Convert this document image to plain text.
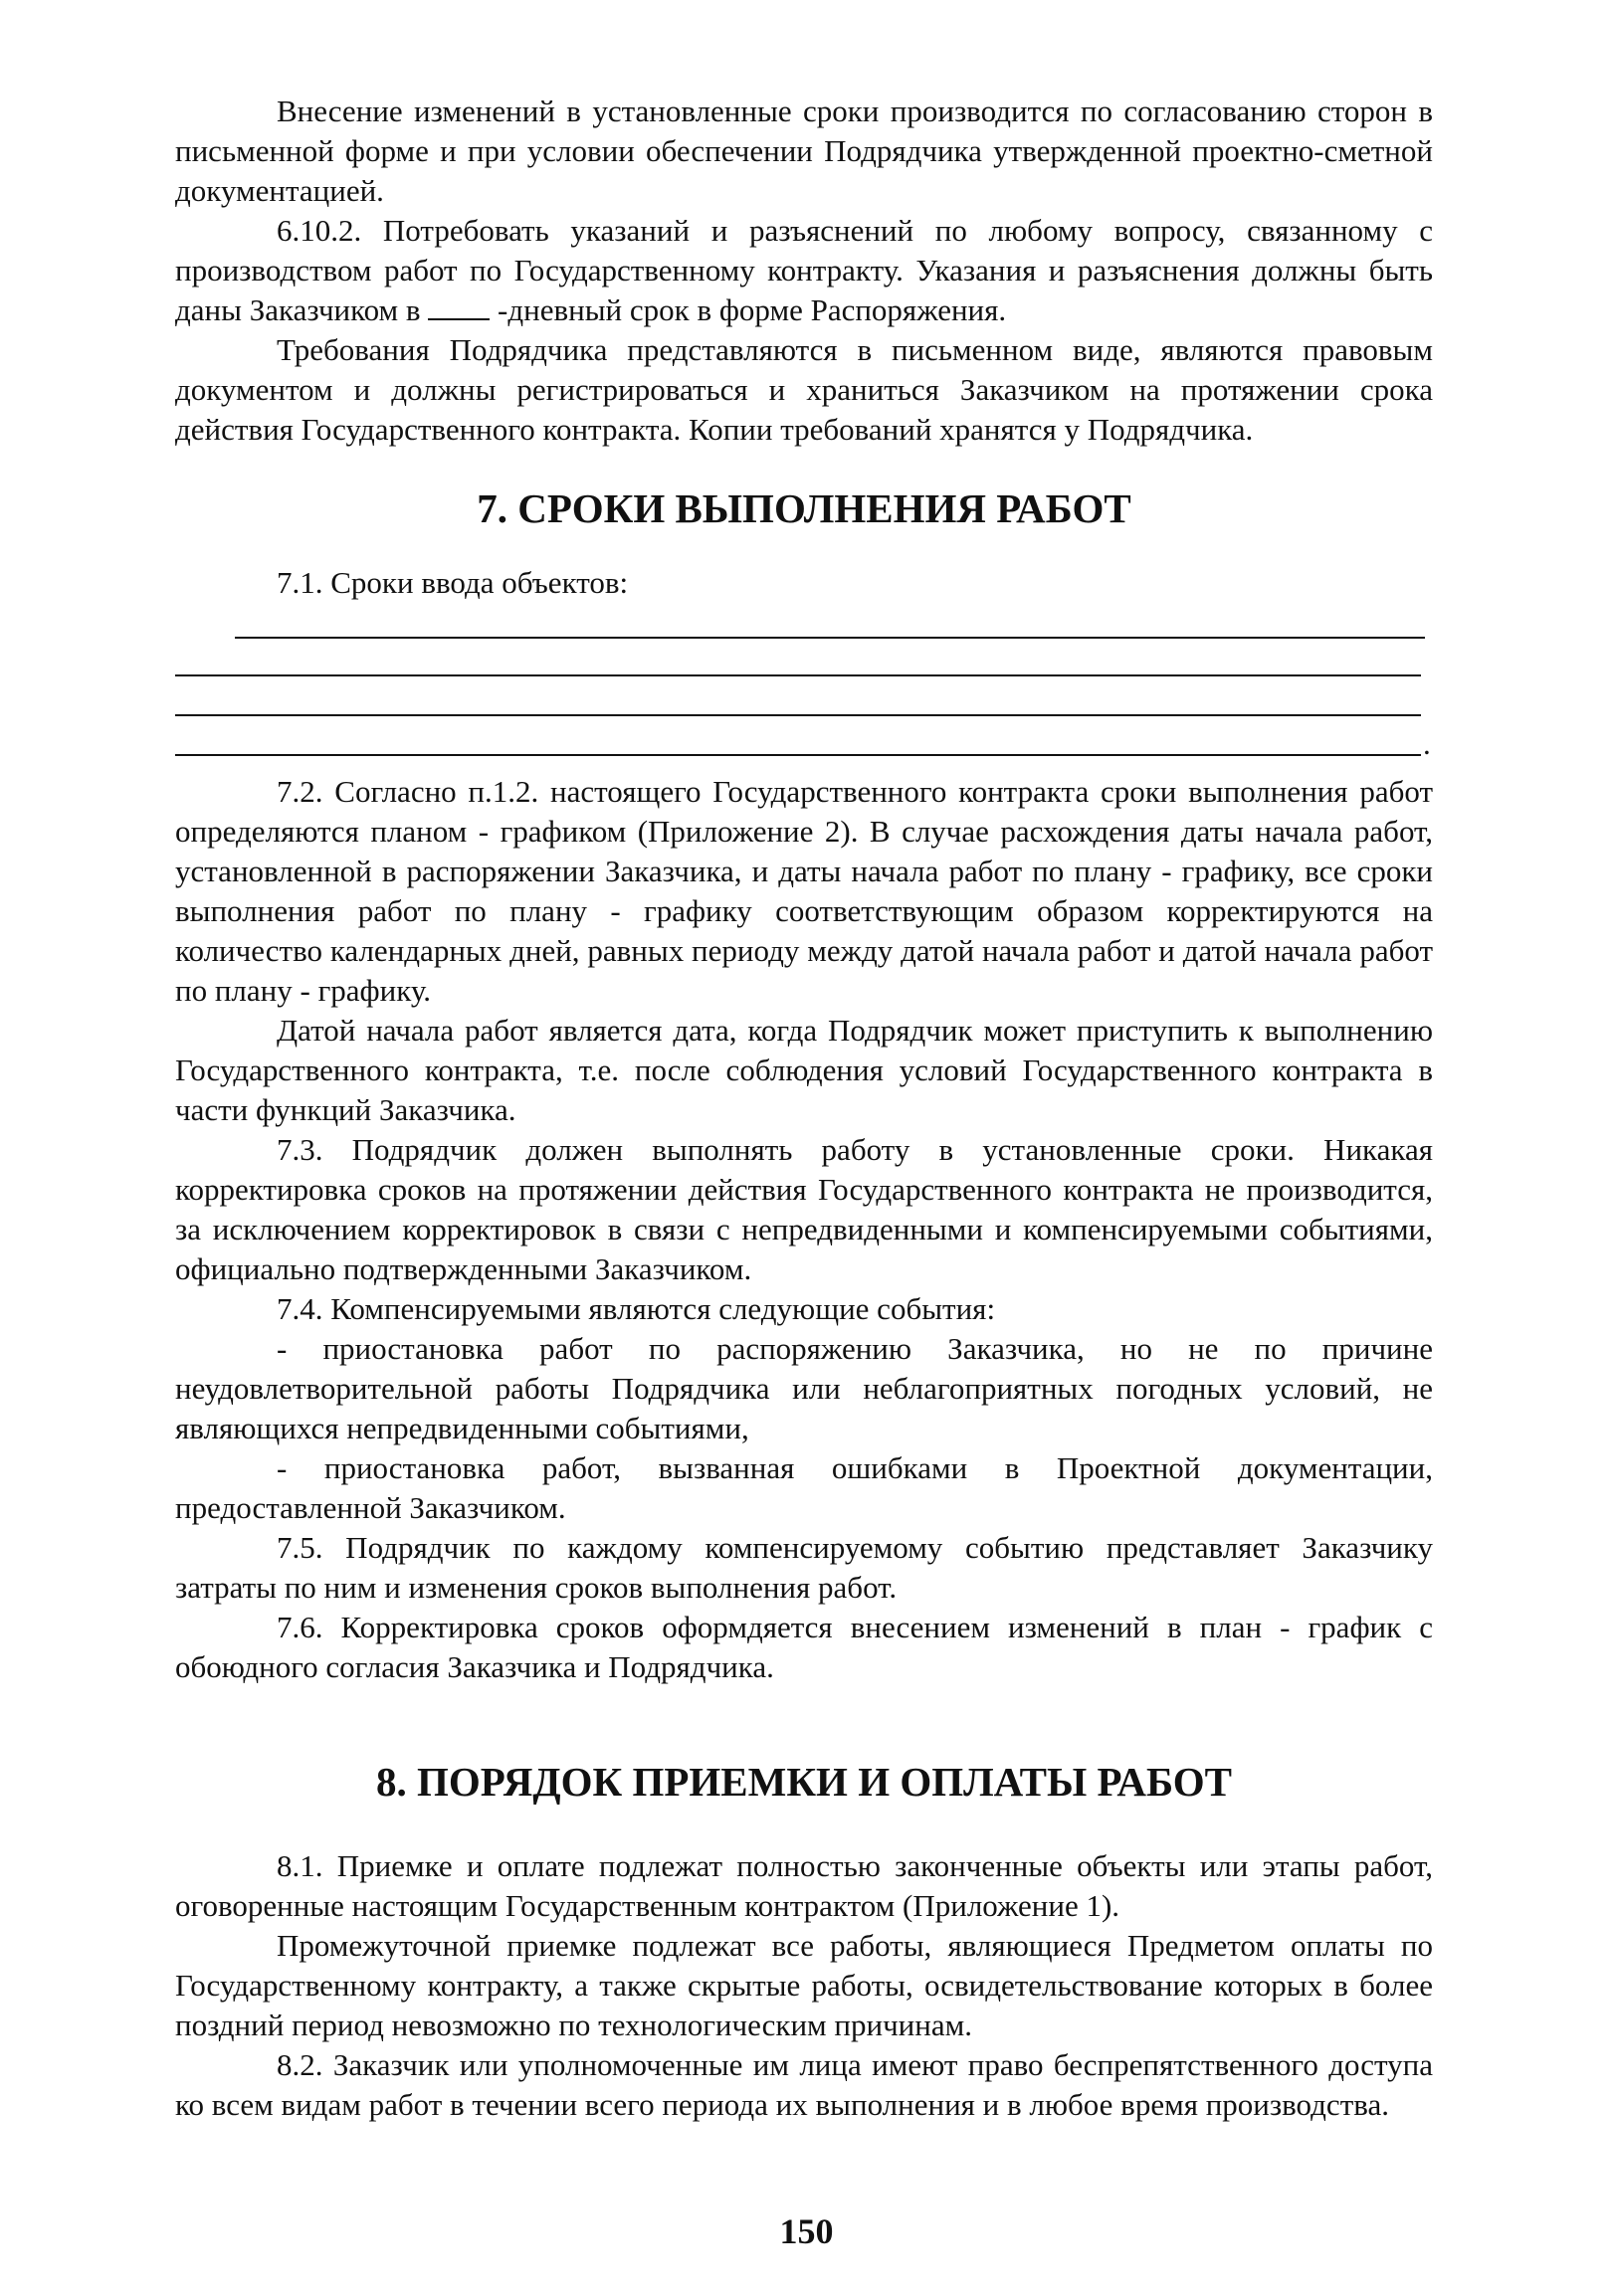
Внесение изменений в установленные сроки производится по согласованию сторон в письменной форме и при условии обеспечении Подрядчика утвержденной проектно-сметной документацией.

6.10.2. Потребовать указаний и разъяснений по любому вопросу, связанному с производством работ по Государственному контракту. Указания и разъяснения должны быть даны Заказчиком в  -дневный срок в форме Распоряжения.

Требования Подрядчика представляются в письменном виде, являются правовым документом и должны регистрироваться и храниться Заказчиком на протяжении срока действия Государственного контракта. Копии требований хранятся у Подрядчика.

7. СРОКИ ВЫПОЛНЕНИЯ РАБОТ

7.1. Сроки ввода объектов:

.

7.2. Согласно п.1.2. настоящего Государственного контракта сроки выполнения работ определяются планом - графиком (Приложение 2). В случае расхождения даты начала работ, установленной в распоряжении Заказчика, и даты начала работ по плану - графику, все сроки выполнения работ по плану - графику соответствующим образом корректируются на количество календарных дней, равных периоду между датой начала работ и датой начала работ по плану - графику.

Датой начала работ является дата, когда Подрядчик может приступить к выполнению Государственного контракта, т.е. после соблюдения условий Государственного контракта в части функций Заказчика.

7.3. Подрядчик должен выполнять работу в установленные сроки. Никакая корректировка сроков на протяжении действия Государственного контракта не производится, за исключением корректировок в связи с непредвиденными и компенсируемыми событиями, официально подтвержденными Заказчиком.

7.4. Компенсируемыми являются следующие события:

- приостановка работ по распоряжению Заказчика, но не по причине неудовлетворительной работы Подрядчика или неблагоприятных погодных условий, не являющихся непредвиденными событиями,

- приостановка работ, вызванная ошибками в Проектной документации, предоставленной Заказчиком.

7.5. Подрядчик по каждому компенсируемому событию представляет Заказчику затраты по ним и изменения сроков выполнения работ.

7.6. Корректировка сроков оформдяется внесением изменений в план - график с обоюдного согласия Заказчика и Подрядчика.

8. ПОРЯДОК ПРИЕМКИ И ОПЛАТЫ РАБОТ

8.1. Приемке и оплате подлежат полностью законченные объекты или этапы работ, оговоренные настоящим Государственным контрактом (Приложение 1).

Промежуточной приемке подлежат все работы, являющиеся Предметом оплаты по Государственному контракту, а также скрытые работы, освидетельствование которых в более поздний период невозможно по технологическим причинам.

8.2. Заказчик или уполномоченные им лица имеют право беспрепятственного доступа ко всем видам работ в течении всего периода их выполнения и в любое время производства.

150
